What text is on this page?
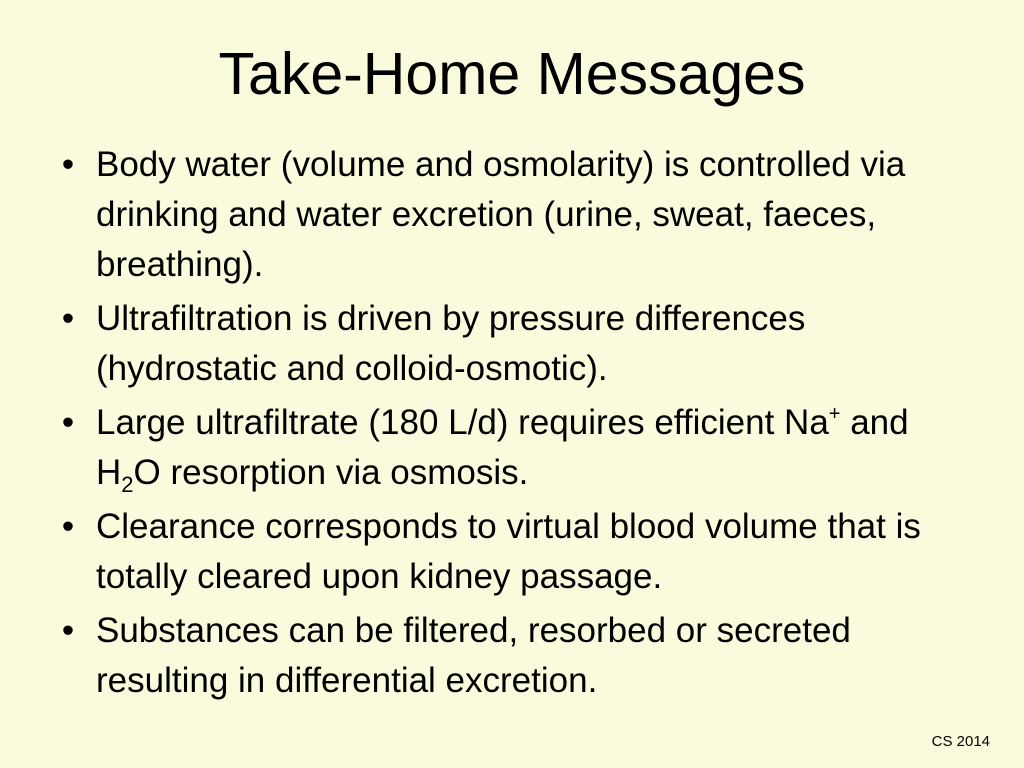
Take-Home Messages
• Body water (volume and osmolarity) is controlled via drinking and water excretion (urine, sweat, faeces, breathing).
• Ultrafiltration is driven by pressure differences (hydrostatic and colloid-osmotic).
• Large ultrafiltrate (180 L/d) requires efficient Na+ and $H_2O$ resorption via osmosis.
• Clearance corresponds to virtual blood volume that is totally cleared upon kidney passage.
• Substances can be filtered, resorbed or secreted resulting in differential excretion.
CS 2014
